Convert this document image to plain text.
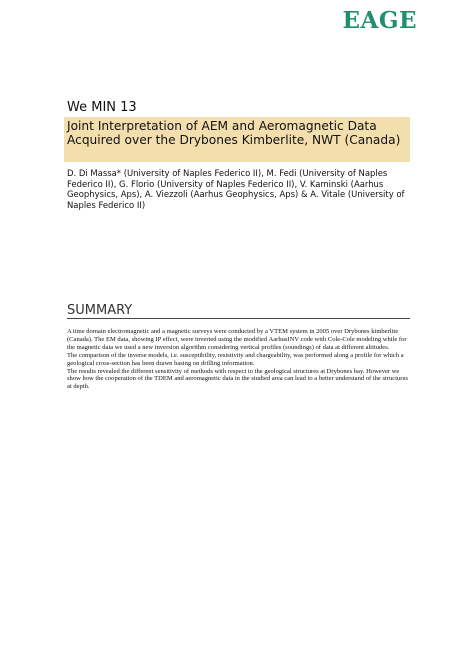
EAGE
We MIN 13
Joint Interpretation of AEM and Aeromagnetic Data Acquired over the Drybones Kimberlite, NWT (Canada)
D. Di Massa* (University of Naples Federico II), M. Fedi (University of Naples Federico II), G. Florio (University of Naples Federico II), V. Kaminski (Aarhus Geophysics, Aps), A. Viezzoli (Aarhus Geophysics, Aps) & A. Vitale (University of Naples Federico II)
SUMMARY

A time domain electromagnetic and a magnetic surveys were conducted by a VTEM system in 2005 over Drybones kimberlite (Canada). The EM data, showing IP effect, were inverted using the modified AarhusINV code with Cole-Cole modeling while for the magnetic data we used a new inversion algorithm considering vertical profiles (soundings) of data at different altitudes.

The comparison of the inverse models, i.e. susceptibility, resistivity and chargeability, was performed along a profile for which a geological cross-section has been drawn basing on drilling information.

The results revealed the different sensitivity of methods with respect to the geological structures at Drybones bay. However we show how the cooperation of the TDEM and aeromagnetic data in the studied area can lead to a better understand of the structures at depth.
